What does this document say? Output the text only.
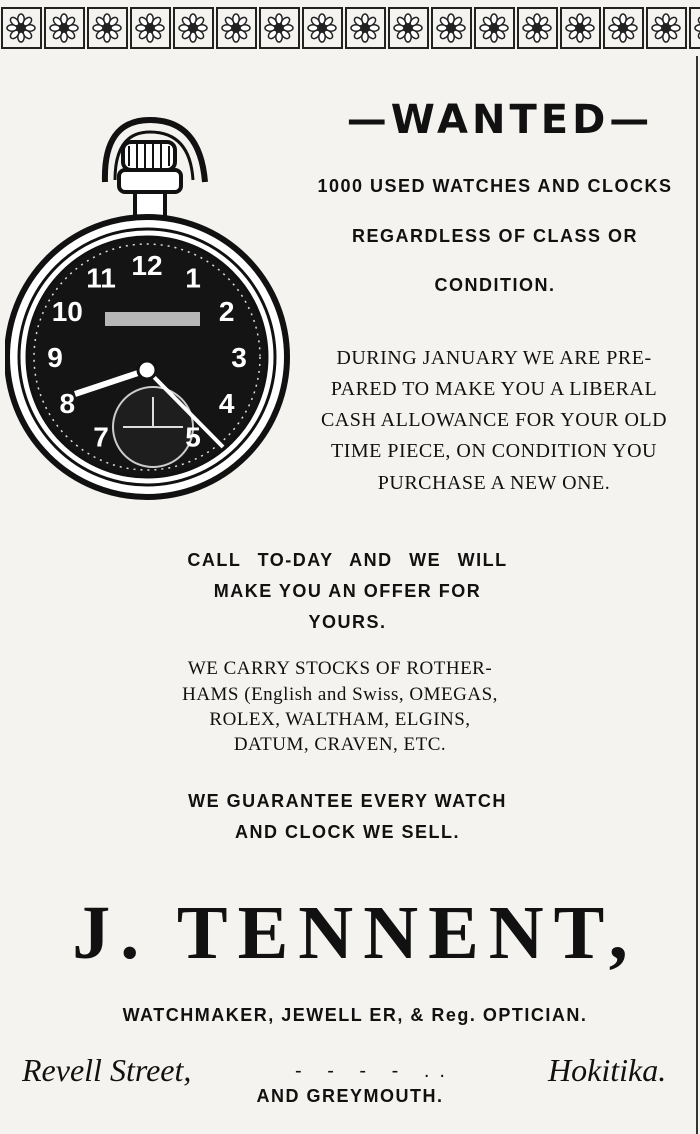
12 1
2
3
4
5
7
8
9
10
11
—WANTED—
1000 USED WATCHES AND CLOCKS
REGARDLESS OF CLASS OR
CONDITION.
DURING JANUARY WE ARE PRE-
PARED TO MAKE YOU A LIBERAL
CASH ALLOWANCE FOR YOUR OLD
TIME PIECE, ON CONDITION YOU
PURCHASE A NEW ONE.
CALL TO-DAY AND WE WILL
MAKE YOU AN OFFER FOR
YOURS.
WE CARRY STOCKS OF ROTHER-
HAMS (English and Swiss, OMEGAS,
ROLEX, WALTHAM, ELGINS,
DATUM, CRAVEN, ETC.
WE GUARANTEE EVERY WATCH
AND CLOCK WE SELL.
J. TENNENT,
WATCHMAKER, JEWELL ER, & Reg. OPTICIAN.
Revell Street,	- - - - ..	Hokitika.
AND GREYMOUTH.
